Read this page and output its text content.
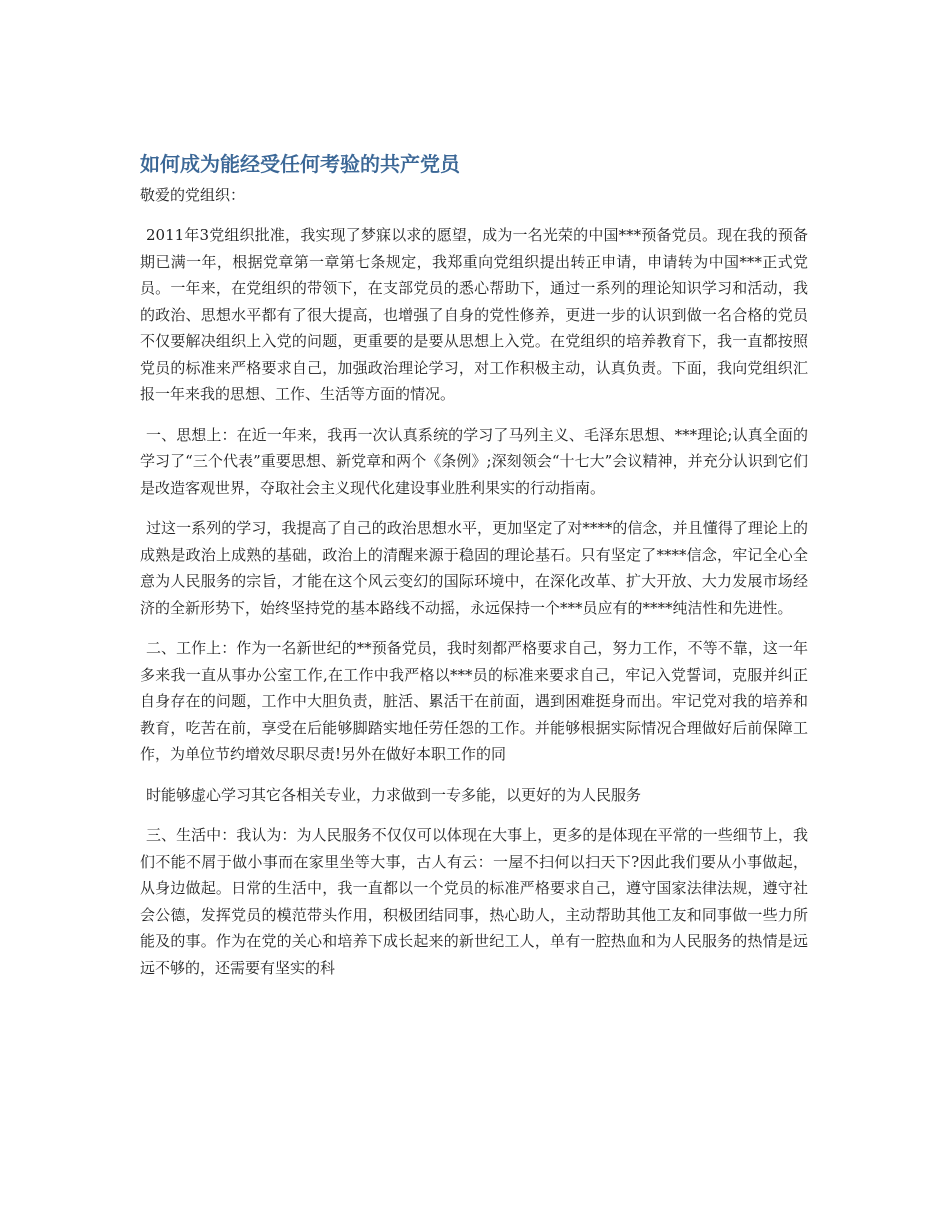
如何成为能经受任何考验的共产党员

敬爱的党组织：

2011年3党组织批准，我实现了梦寐以求的愿望，成为一名光荣的中国***预备党员。现在我的预备期已满一年，根据党章第一章第七条规定，我郑重向党组织提出转正申请，申请转为中国***正式党员。一年来，在党组织的带领下，在支部党员的悉心帮助下，通过一系列的理论知识学习和活动，我的政治、思想水平都有了很大提高，也增强了自身的党性修养，更进一步的认识到做一名合格的党员不仅要解决组织上入党的问题，更重要的是要从思想上入党。在党组织的培养教育下，我一直都按照党员的标准来严格要求自己，加强政治理论学习，对工作积极主动，认真负责。下面，我向党组织汇报一年来我的思想、工作、生活等方面的情况。

一、思想上：在近一年来，我再一次认真系统的学习了马列主义、毛泽东思想、***理论;认真全面的学习了“三个代表”重要思想、新党章和两个《条例》;深刻领会“十七大”会议精神，并充分认识到它们是改造客观世界，夺取社会主义现代化建设事业胜利果实的行动指南。

过这一系列的学习，我提高了自己的政治思想水平，更加坚定了对****的信念，并且懂得了理论上的成熟是政治上成熟的基础，政治上的清醒来源于稳固的理论基石。只有坚定了****信念，牢记全心全意为人民服务的宗旨，才能在这个风云变幻的国际环境中，在深化改革、扩大开放、大力发展市场经济的全新形势下，始终坚持党的基本路线不动摇，永远保持一个***员应有的****纯洁性和先进性。

二、工作上：作为一名新世纪的**预备党员，我时刻都严格要求自己，努力工作，不等不靠，这一年多来我一直从事办公室工作,在工作中我严格以***员的标准来要求自己，牢记入党誓词，克服并纠正自身存在的问题，工作中大胆负责，脏活、累活干在前面，遇到困难挺身而出。牢记党对我的培养和教育，吃苦在前，享受在后能够脚踏实地任劳任怨的工作。并能够根据实际情况合理做好后前保障工作，为单位节约增效尽职尽责!另外在做好本职工作的同

时能够虚心学习其它各相关专业，力求做到一专多能，以更好的为人民服务

三、生活中：我认为：为人民服务不仅仅可以体现在大事上，更多的是体现在平常的一些细节上，我们不能不屑于做小事而在家里坐等大事，古人有云：一屋不扫何以扫天下?因此我们要从小事做起，从身边做起。日常的生活中，我一直都以一个党员的标准严格要求自己，遵守国家法律法规，遵守社会公德，发挥党员的模范带头作用，积极团结同事，热心助人，主动帮助其他工友和同事做一些力所能及的事。作为在党的关心和培养下成长起来的新世纪工人，单有一腔热血和为人民服务的热情是远远不够的，还需要有坚实的科
